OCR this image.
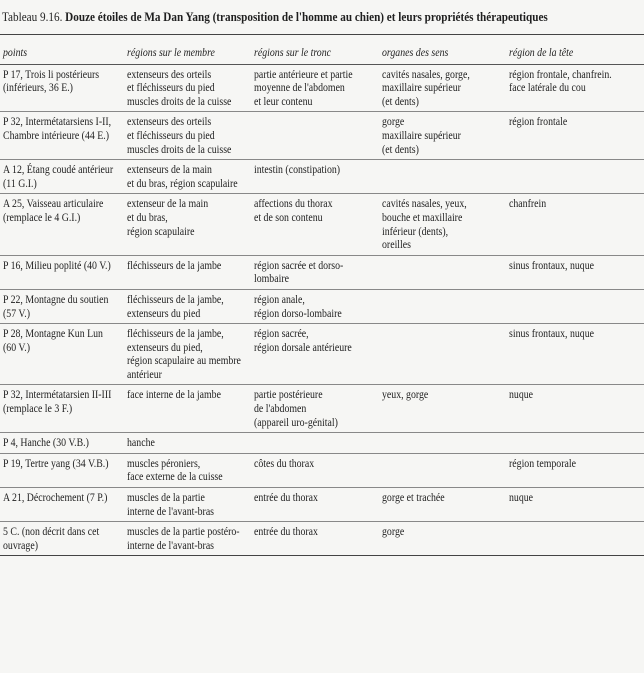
Tableau 9.16. Douze étoiles de Ma Dan Yang (transposition de l'homme au chien) et leurs propriétés thérapeutiques
points	régions sur le membre	régions sur le tronc	organes des sens	région de la tête

P 17, Trois li postérieurs
(inférieurs, 36 E.)	extenseurs des orteils
et fléchisseurs du pied
muscles droits de la cuisse	partie antérieure et partie
moyenne de l'abdomen
et leur contenu	cavités nasales, gorge,
maxillaire supérieur
(et dents)	région frontale, chanfrein.
face latérale du cou

P 32, Intermétatarsiens I-II,
Chambre intérieure (44 E.)	extenseurs des orteils
et fléchisseurs du pied
muscles droits de la cuisse		gorge
maxillaire supérieur
(et dents)	région frontale

A 12, Étang coudé antérieur
(11 G.I.)	extenseurs de la main
et du bras, région scapulaire	intestin (constipation)		

A 25, Vaisseau articulaire
(remplace le 4 G.I.)	extenseur de la main
et du bras,
région scapulaire	affections du thorax
et de son contenu	cavités nasales, yeux,
bouche et maxillaire
inférieur (dents),
oreilles	chanfrein

P 16, Milieu poplité (40 V.)	fléchisseurs de la jambe	région sacrée et dorso-lombaire		sinus frontaux, nuque

P 22, Montagne du soutien
(57 V.)	fléchisseurs de la jambe,
extenseurs du pied	région anale,
région dorso-lombaire		

P 28, Montagne Kun Lun
(60 V.)	fléchisseurs de la jambe,
extenseurs du pied,
région scapulaire au membre
antérieur	région sacrée,
région dorsale antérieure		sinus frontaux, nuque

P 32, Intermétatarsien II-III
(remplace le 3 F.)	face interne de la jambe	partie postérieure
de l'abdomen
(appareil uro-génital)	yeux, gorge	nuque

P 4, Hanche (30 V.B.)	hanche			

P 19, Tertre yang (34 V.B.)	muscles péroniers,
face externe de la cuisse	côtes du thorax		région temporale

A 21, Décrochement (7 P.)	muscles de la partie
interne de l'avant-bras	entrée du thorax	gorge et trachée	nuque

5 C. (non décrit dans cet
ouvrage)	muscles de la partie postéro-
interne de l'avant-bras	entrée du thorax	gorge	
